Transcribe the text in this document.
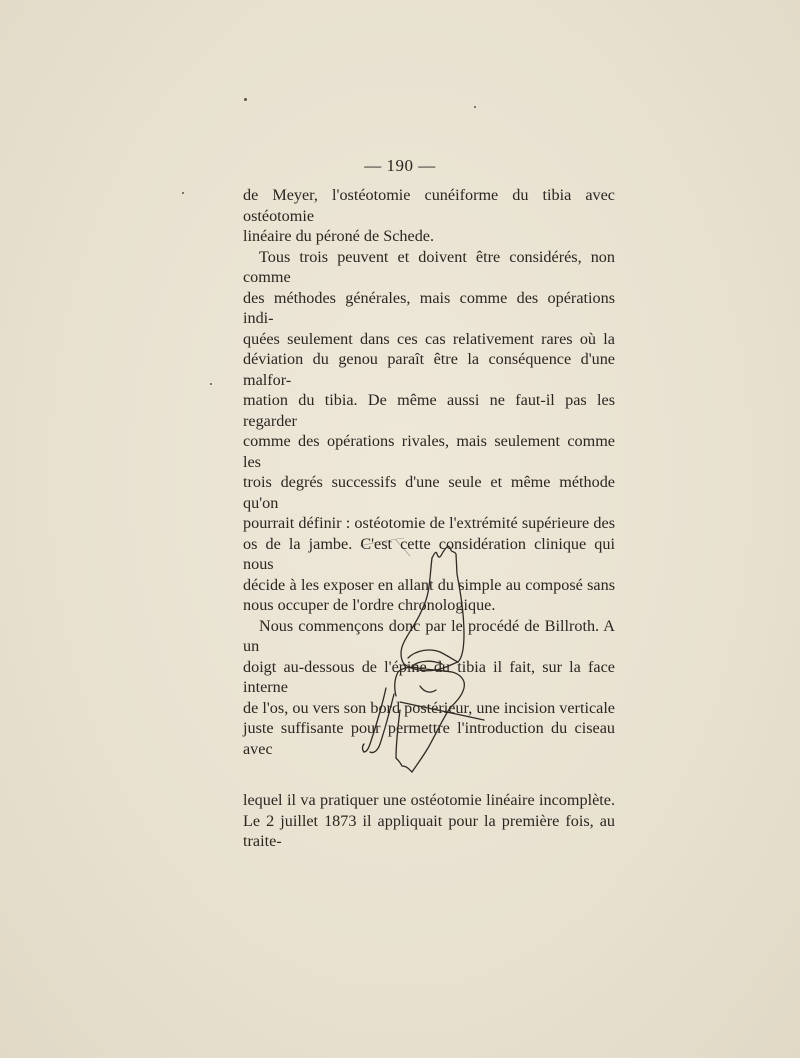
— 190 —

de Meyer, l'ostéotomie cunéiforme du tibia avec ostéotomie

linéaire du péroné de Schede.

Tous trois peuvent et doivent être considérés, non comme

des méthodes générales, mais comme des opérations indi-

quées seulement dans ces cas relativement rares où la

déviation du genou paraît être la conséquence d'une malfor-

mation du tibia. De même aussi ne faut-il pas les regarder

comme des opérations rivales, mais seulement comme les

trois degrés successifs d'une seule et même méthode qu'on

pourrait définir : ostéotomie de l'extrémité supérieure des

os de la jambe. C'est cette considération clinique qui nous

décide à les exposer en allant du simple au composé sans

nous occuper de l'ordre chronologique.

Nous commençons donc par le procédé de Billroth. A un

doigt au-dessous de l'épine du tibia il fait, sur la face interne

de l'os, ou vers son bord postérieur, une incision verticale

juste suffisante pour permettre l'introduction du ciseau avec

lequel il va pratiquer une ostéotomie linéaire incomplète.

Le 2 juillet 1873 il appliquait pour la première fois, au traite-
